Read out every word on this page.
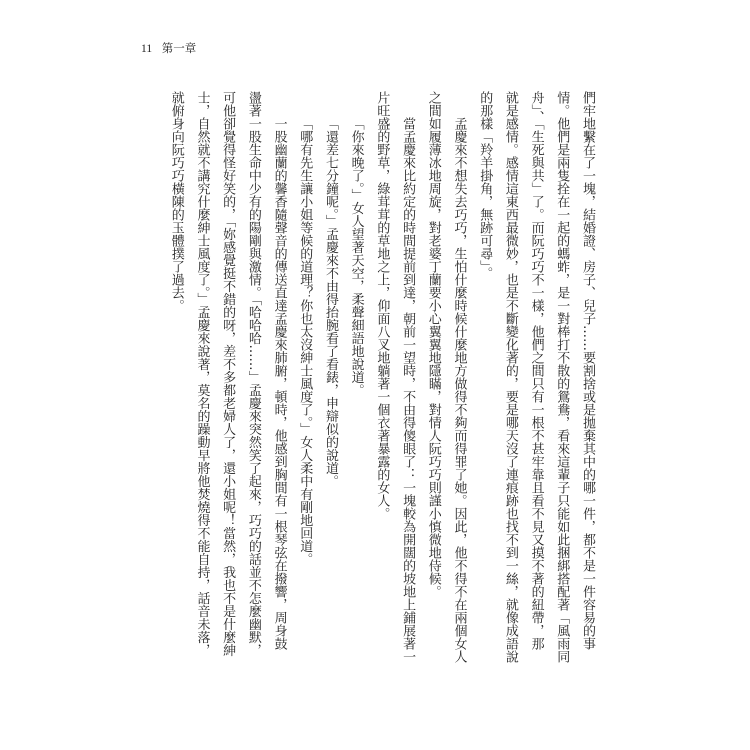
11 第一章
們牢地繫在了一塊，結婚證、房子、兒子……要割捨或是拋棄其中的哪一件，都不是一件容易的事
情。他們是兩隻拴在一起的螞蚱，是一對棒打不散的鴛鴦，看來這輩子只能如此捆綁搭配著「風雨同
舟」、「生死與共」了。而阮巧巧不一樣，他們之間只有一根不甚牢靠且看不見又摸不著的紐帶，那
就是感情。感情這東西最微妙，也是不斷變化著的，要是哪天沒了連痕跡也找不到一絲，就像成語說
的那樣「羚羊掛角，無跡可尋」。
孟慶來不想失去巧巧，生怕什麼時候什麼地方做得不夠而得罪了她。因此，他不得不在兩個女人
之間如履薄冰地周旋，對老婆丁蘭要小心翼翼地隱瞞，對情人阮巧巧則謹小慎微地侍候。
當孟慶來比約定的時間提前到達，朝前一望時，不由得傻眼了：一塊較為開闊的坡地上鋪展著一
片旺盛的野草，綠茸茸的草地之上，仰面八叉地躺著一個衣著暴露的女人。
「你來晚了。」女人望著天空，柔聲細語地說道。
「還差七分鐘呢。」孟慶來不由得抬腕看了看錶，申辯似的說道。
「哪有先生讓小姐等候的道理？你也太沒紳士風度了。」女人柔中有剛地回道。
一股幽蘭的馨香隨聲音的傳送直達孟慶來肺腑，頓時，他感到胸間有一根琴弦在撥響，周身鼓
盪著一股生命中少有的陽剛與激情。「哈哈哈……」孟慶來突然笑了起來，巧巧的話並不怎麼幽默，
可他卻覺得怪好笑的，「妳感覺挺不錯的呀，差不多都老婦人了，還小姐呢！當然，我也不是什麼紳
士，自然就不講究什麼紳士風度了。」孟慶來說著，莫名的躁動早將他焚燒得不能自持，話音未落，
就俯身向阮巧巧橫陳的玉體撲了過去。
